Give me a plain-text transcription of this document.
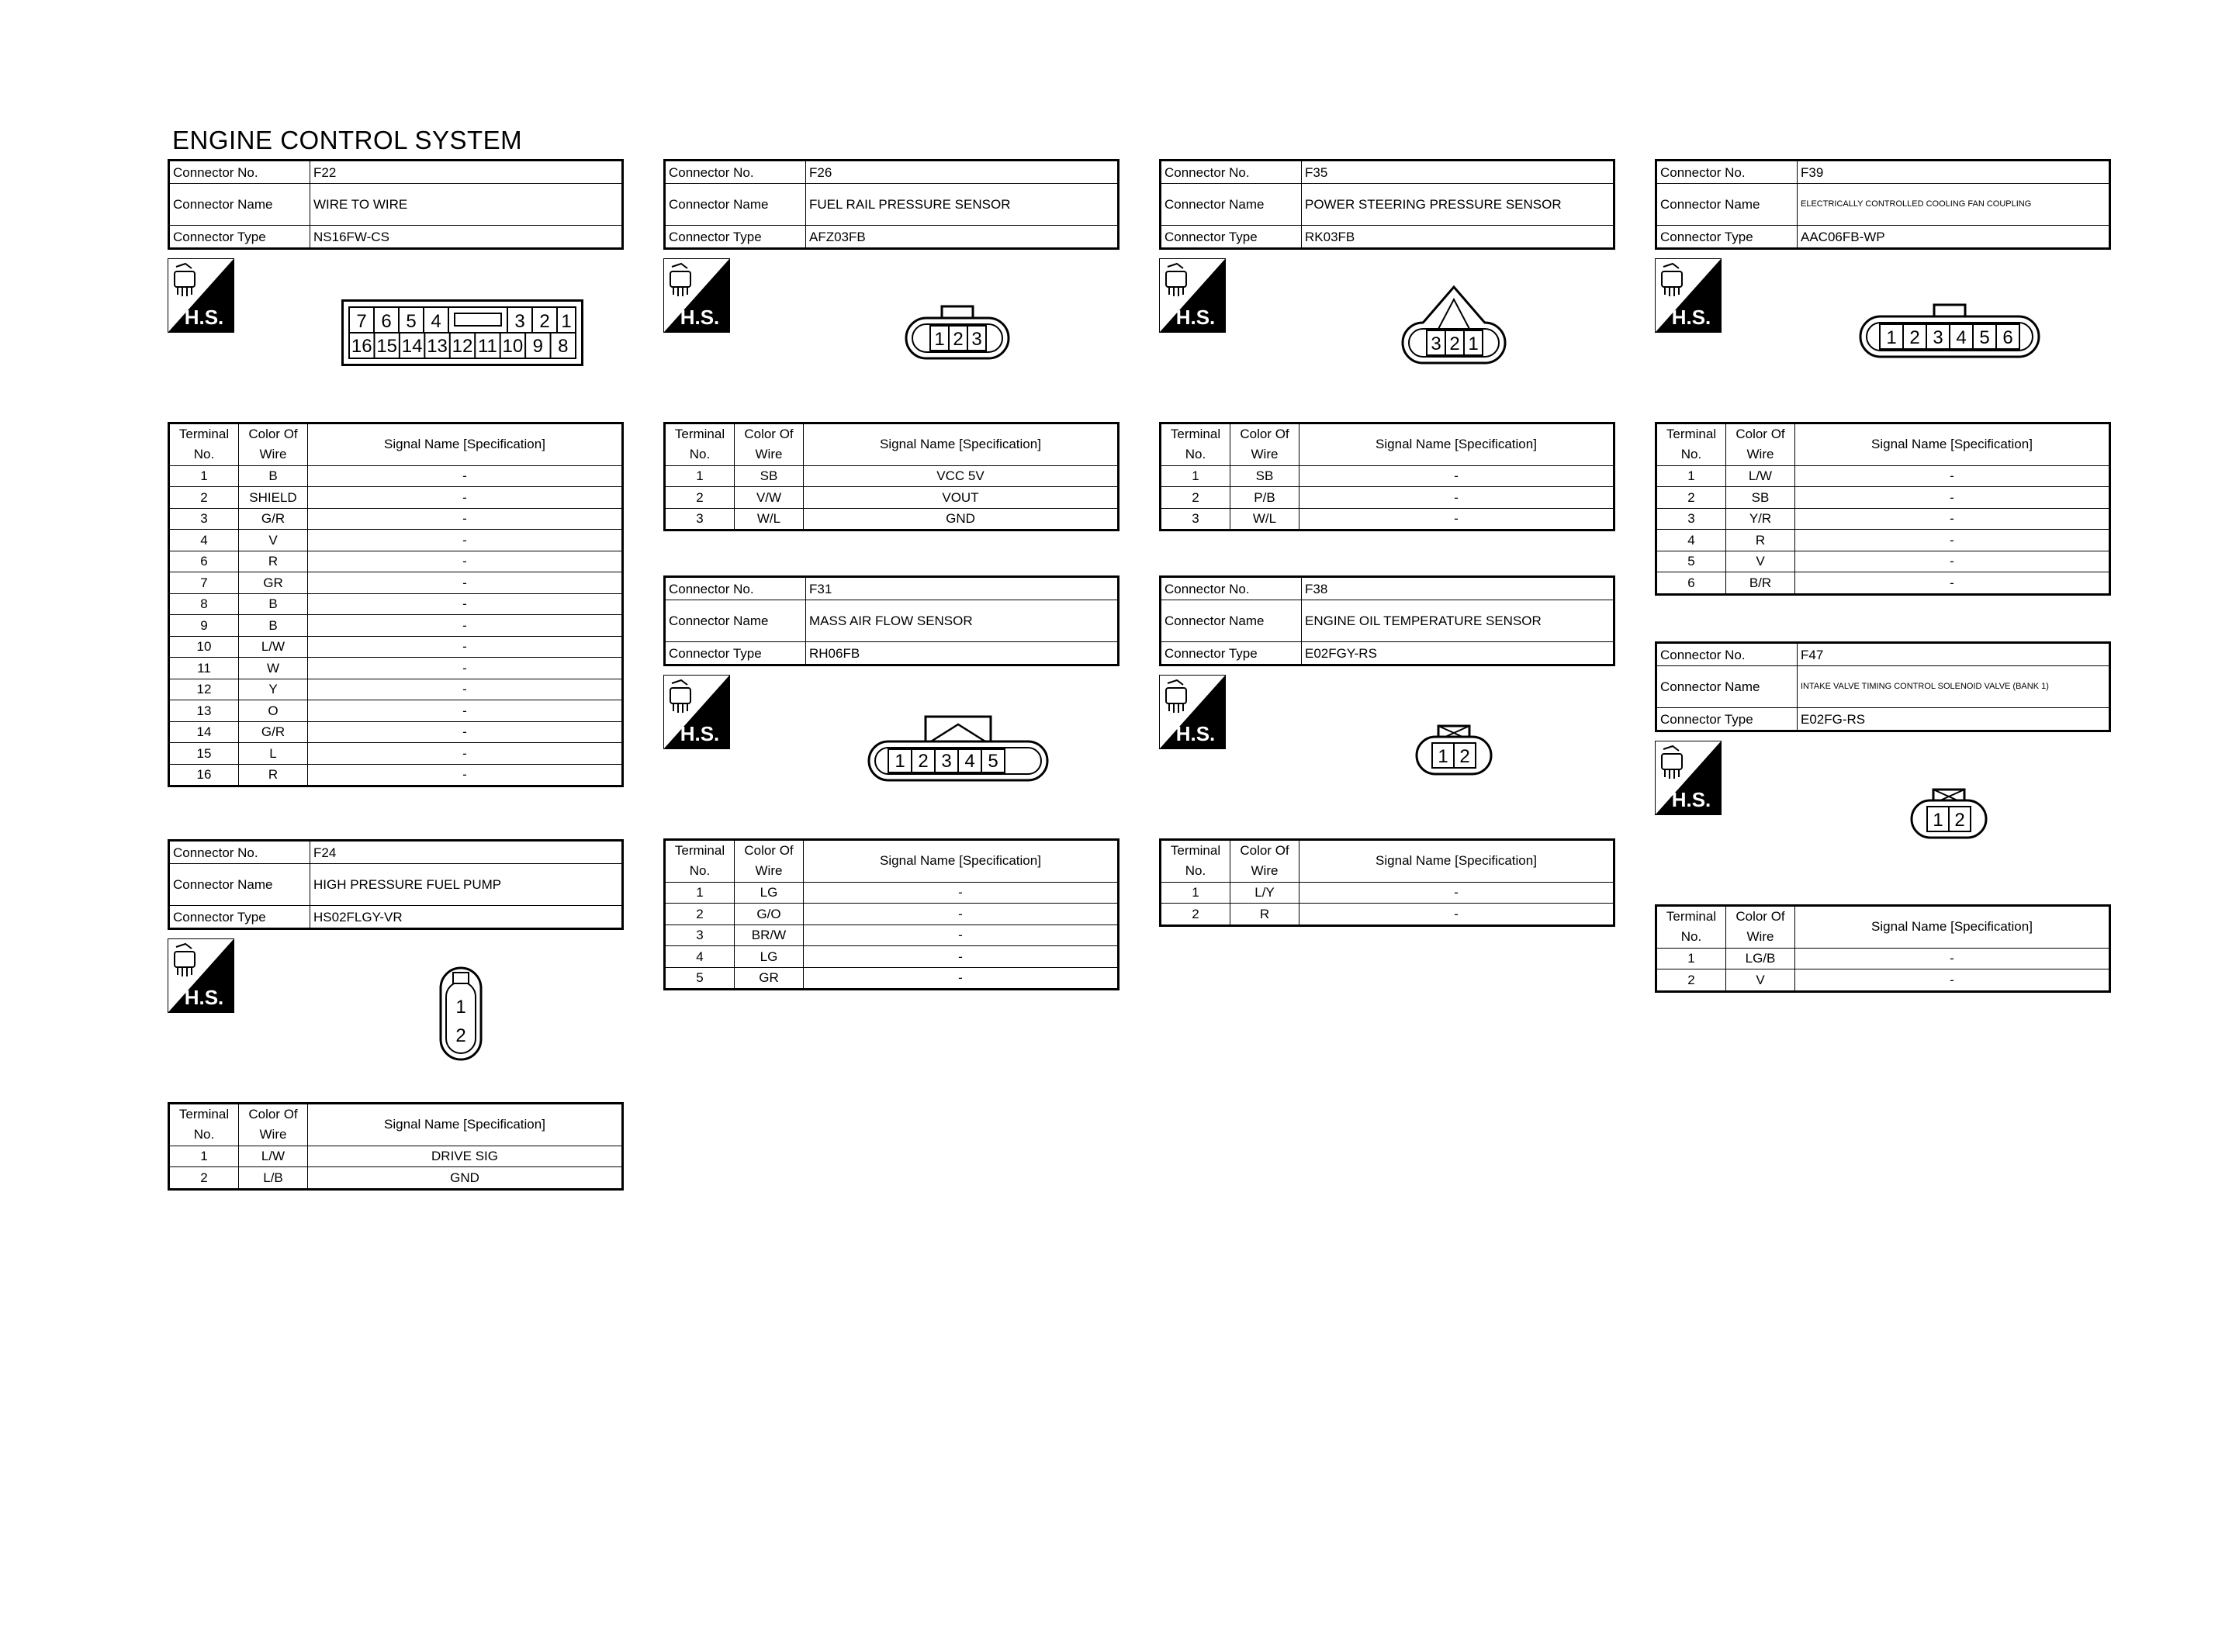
ENGINE CONTROL SYSTEM
Connector No.	F22
Connector Name	WIRE TO WIRE
Connector Type	NS16FW-CS
H.S.	7 6 5 4	3 2 1
16 15 14 13 12 11 10 9 8
Terminal
No.	Color Of
Wire	Signal Name [Specification]
1	B	-
2	SHIELD	-
3	G/R	-
4	V	-
6	R	-
7	GR	-
8	B	-
9	B	-
10	L/W	-
11	W	-
12	Y	-
13	O	-
14	G/R	-
15	L	-
16	R	-
Connector No.	F24
Connector Name	HIGH PRESSURE FUEL PUMP
Connector Type	HS02FLGY-VR
H.S.	1
2
Terminal
No.	Color Of
Wire	Signal Name [Specification]
1	L/W	DRIVE SIG
2	L/B	GND
Connector No.	F26
Connector Name	FUEL RAIL PRESSURE SENSOR
Connector Type	AFZ03FB
H.S.
1 2 3
Terminal
No.	Color Of
Wire	Signal Name [Specification]
1	SB	VCC 5V
2	V/W	VOUT
3	W/L	GND
Connector No.	F31
Connector Name	MASS AIR FLOW SENSOR
Connector Type	RH06FB
H.S.
1 2 3 4 5
Terminal
No.	Color Of
Wire	Signal Name [Specification]
1	LG	-
2	G/O	-
3	BR/W	-
4	LG	-
5	GR	-
Connector No.	F35
Connector Name	POWER STEERING PRESSURE SENSOR
Connector Type	RK03FB
H.S.
3 2 1
Terminal
No.	Color Of
Wire	Signal Name [Specification]
1	SB	-
2	P/B	-
3	W/L	-
Connector No.	F38
Connector Name	ENGINE OIL TEMPERATURE SENSOR
Connector Type	E02FGY-RS
H.S.
1 2
Terminal
No.	Color Of
Wire	Signal Name [Specification]
1	L/Y	-
2	R	-
Connector No.	F39
Connector Name	ELECTRICALLY CONTROLLED COOLING FAN COUPLING
Connector Type	AAC06FB-WP
H.S.
1 2 3 4 5 6
Terminal
No.	Color Of
Wire	Signal Name [Specification]
1	L/W	-
2	SB	-
3	Y/R	-
4	R	-
5	V	-
6	B/R	-
Connector No.	F47
Connector Name	INTAKE VALVE TIMING CONTROL SOLENOID VALVE (BANK 1)
Connector Type	E02FG-RS
H.S.
1 2
Terminal
No.	Color Of
Wire	Signal Name [Specification]
1	LG/B	-
2	V	-
